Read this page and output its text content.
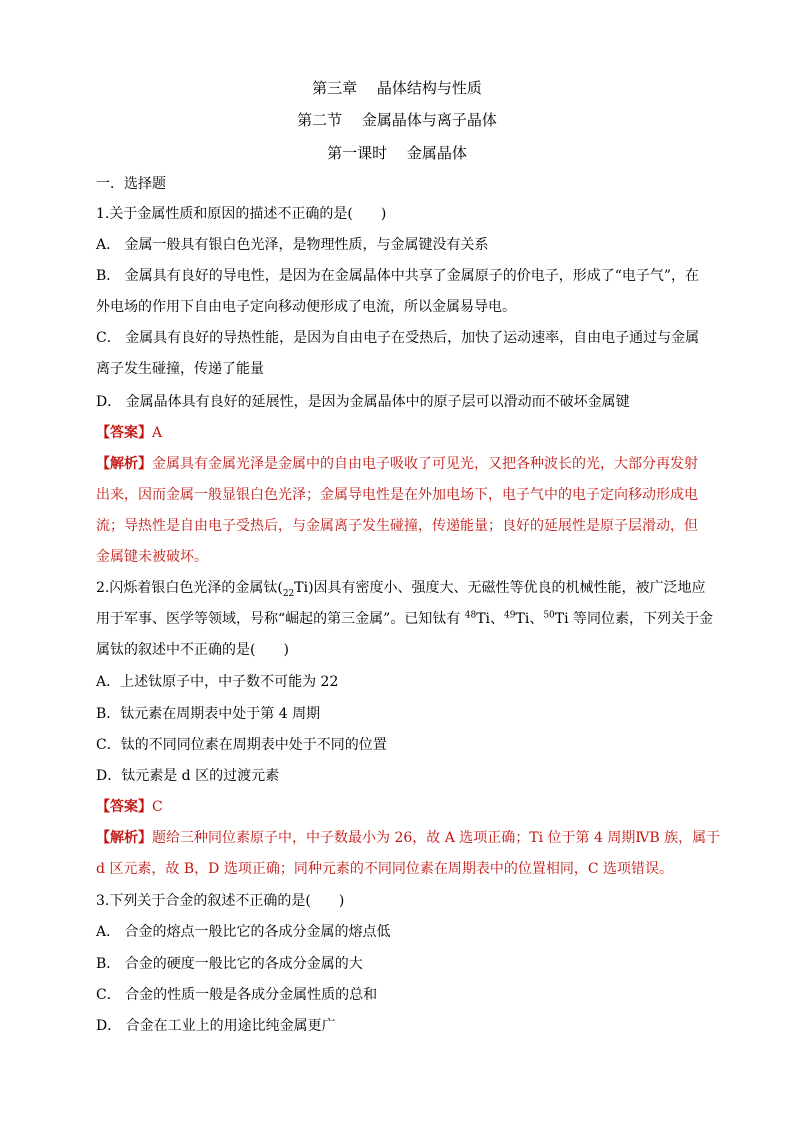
第三章　 晶体结构与性质
第二节　 金属晶体与离子晶体
第一课时　 金属晶体
一．选择题
1.关于金属性质和原因的描述不正确的是(　　)
A． 金属一般具有银白色光泽，是物理性质，与金属键没有关系
B． 金属具有良好的导电性，是因为在金属晶体中共享了金属原子的价电子，形成了“电子气”，在
外电场的作用下自由电子定向移动便形成了电流，所以金属易导电。
C． 金属具有良好的导热性能，是因为自由电子在受热后，加快了运动速率，自由电子通过与金属
离子发生碰撞，传递了能量
D． 金属晶体具有良好的延展性，是因为金属晶体中的原子层可以滑动而不破坏金属键
【答案】A
【解析】金属具有金属光泽是金属中的自由电子吸收了可见光，又把各种波长的光，大部分再发射
出来，因而金属一般显银白色光泽；金属导电性是在外加电场下，电子气中的电子定向移动形成电
流；导热性是自由电子受热后，与金属离子发生碰撞，传递能量；良好的延展性是原子层滑动，但
金属键未被破坏。
2.闪烁着银白色光泽的金属钛$(_{22}Ti)$因具有密度小、强度大、无磁性等优良的机械性能，被广泛地应
用于军事、医学等领域，号称“崛起的第三金属”。已知钛有 $^{48}$Ti、$^{49}$Ti、$^{50}$Ti 等同位素，下列关于金
属钛的叙述中不正确的是(　　)
A．上述钛原子中，中子数不可能为 22
B．钛元素在周期表中处于第 4 周期
C．钛的不同同位素在周期表中处于不同的位置
D．钛元素是 d 区的过渡元素
【答案】C
【解析】题给三种同位素原子中，中子数最小为 26，故 A 选项正确；Ti 位于第 4 周期ⅣB 族，属于
d 区元素，故 B，D 选项正确；同种元素的不同同位素在周期表中的位置相同，C 选项错误。
3.下列关于合金的叙述不正确的是(　　)
A． 合金的熔点一般比它的各成分金属的熔点低
B． 合金的硬度一般比它的各成分金属的大
C． 合金的性质一般是各成分金属性质的总和
D． 合金在工业上的用途比纯金属更广
